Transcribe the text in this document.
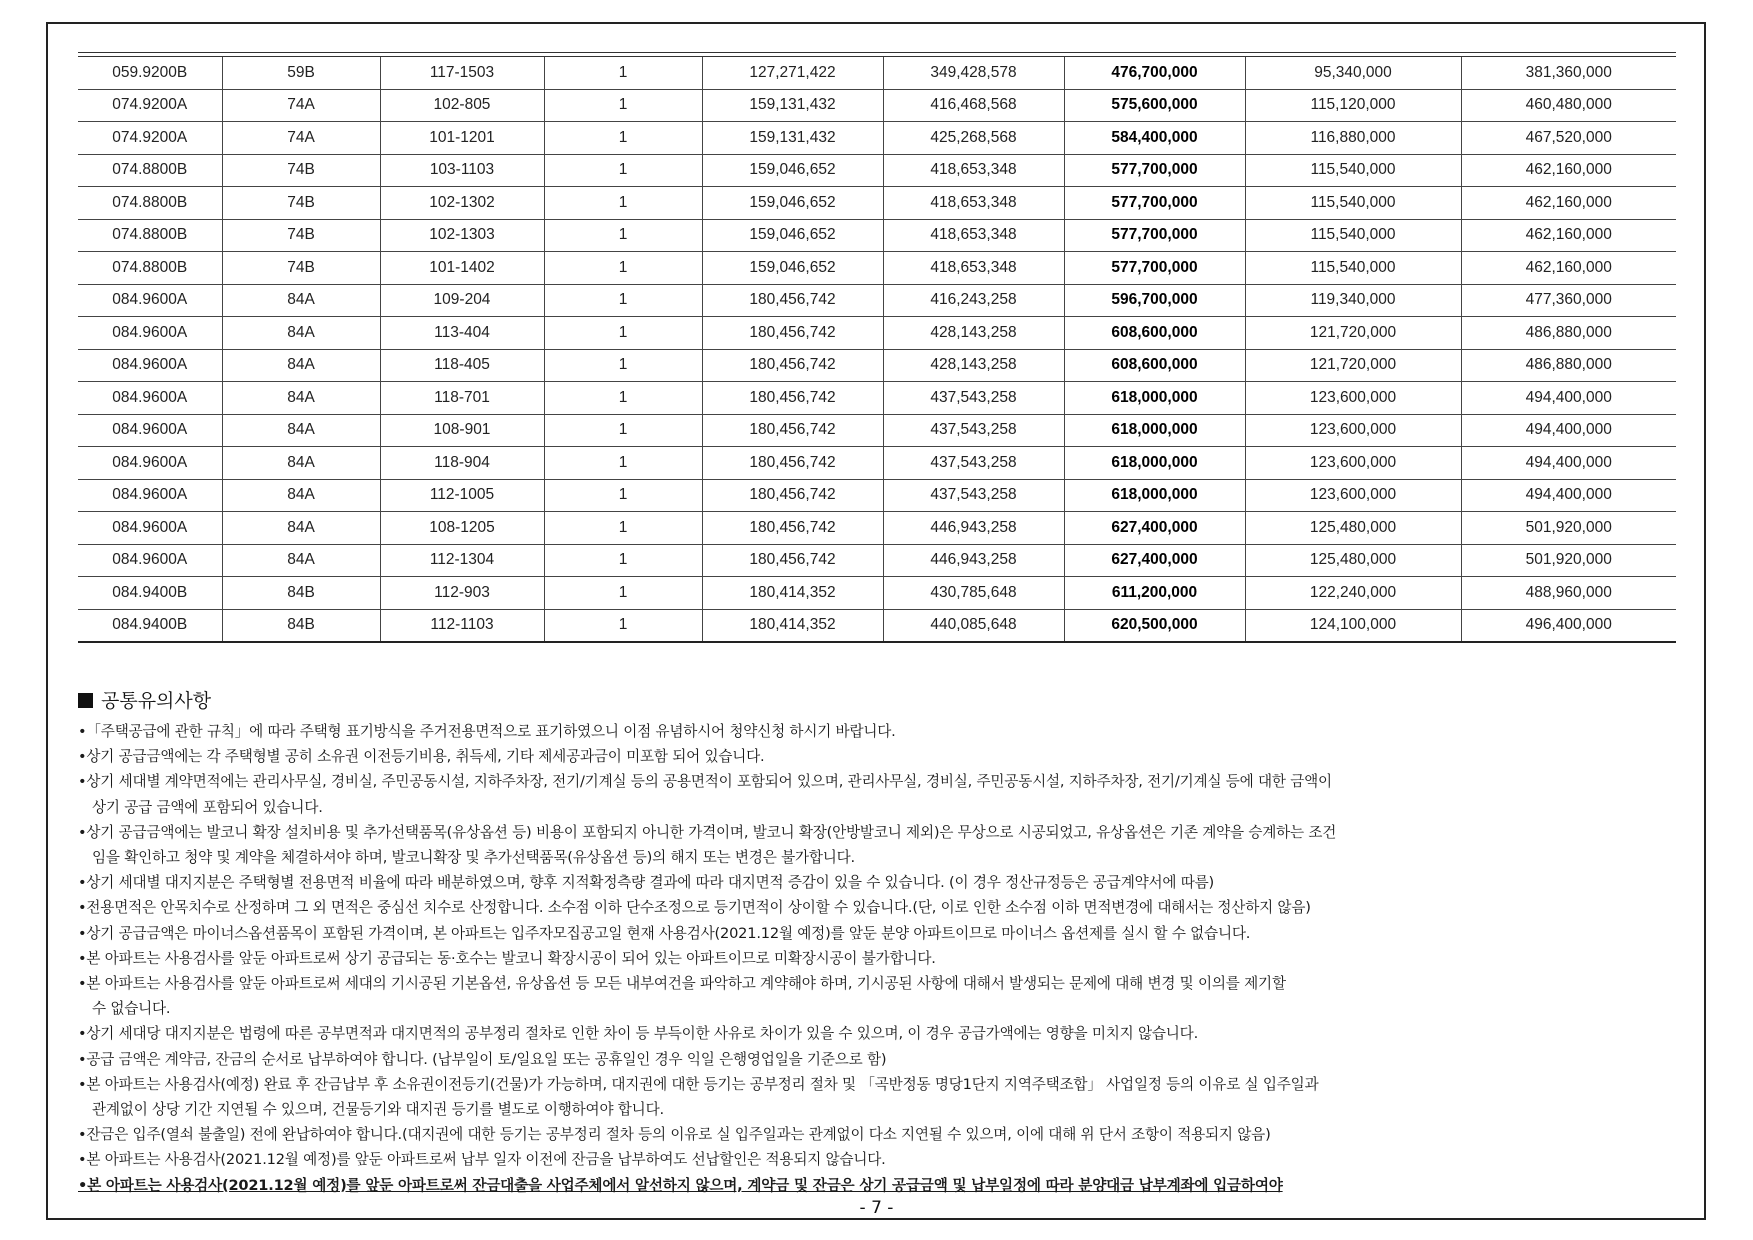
059.9200B	59B	117-1503	1	127,271,422	349,428,578	476,700,000	95,340,000	381,360,000
074.9200A	74A	102-805	1	159,131,432	416,468,568	575,600,000	115,120,000	460,480,000
074.9200A	74A	101-1201	1	159,131,432	425,268,568	584,400,000	116,880,000	467,520,000
074.8800B	74B	103-1103	1	159,046,652	418,653,348	577,700,000	115,540,000	462,160,000
074.8800B	74B	102-1302	1	159,046,652	418,653,348	577,700,000	115,540,000	462,160,000
074.8800B	74B	102-1303	1	159,046,652	418,653,348	577,700,000	115,540,000	462,160,000
074.8800B	74B	101-1402	1	159,046,652	418,653,348	577,700,000	115,540,000	462,160,000
084.9600A	84A	109-204	1	180,456,742	416,243,258	596,700,000	119,340,000	477,360,000
084.9600A	84A	113-404	1	180,456,742	428,143,258	608,600,000	121,720,000	486,880,000
084.9600A	84A	118-405	1	180,456,742	428,143,258	608,600,000	121,720,000	486,880,000
084.9600A	84A	118-701	1	180,456,742	437,543,258	618,000,000	123,600,000	494,400,000
084.9600A	84A	108-901	1	180,456,742	437,543,258	618,000,000	123,600,000	494,400,000
084.9600A	84A	118-904	1	180,456,742	437,543,258	618,000,000	123,600,000	494,400,000
084.9600A	84A	112-1005	1	180,456,742	437,543,258	618,000,000	123,600,000	494,400,000
084.9600A	84A	108-1205	1	180,456,742	446,943,258	627,400,000	125,480,000	501,920,000
084.9600A	84A	112-1304	1	180,456,742	446,943,258	627,400,000	125,480,000	501,920,000
084.9400B	84B	112-903	1	180,414,352	430,785,648	611,200,000	122,240,000	488,960,000
084.9400B	84B	112-1103	1	180,414,352	440,085,648	620,500,000	124,100,000	496,400,000
공통유의사항
•「주택공급에 관한 규칙」에 따라 주택형 표기방식을 주거전용면적으로 표기하였으니 이점 유념하시어 청약신청 하시기 바랍니다.
•상기 공급금액에는 각 주택형별 공히 소유권 이전등기비용, 취득세, 기타 제세공과금이 미포함 되어 있습니다.
•상기 세대별 계약면적에는 관리사무실, 경비실, 주민공동시설, 지하주차장, 전기/기계실 등의 공용면적이 포함되어 있으며, 관리사무실, 경비실, 주민공동시설, 지하주차장, 전기/기계실 등에 대한 금액이
상기 공급 금액에 포함되어 있습니다.
•상기 공급금액에는 발코니 확장 설치비용 및 추가선택품목(유상옵션 등) 비용이 포함되지 아니한 가격이며, 발코니 확장(안방발코니 제외)은 무상으로 시공되었고, 유상옵션은 기존 계약을 승계하는 조건
임을 확인하고 청약 및 계약을 체결하셔야 하며, 발코니확장 및 추가선택품목(유상옵션 등)의 해지 또는 변경은 불가합니다.
•상기 세대별 대지지분은 주택형별 전용면적 비율에 따라 배분하였으며, 향후 지적확정측량 결과에 따라 대지면적 증감이 있을 수 있습니다. (이 경우 정산규정등은 공급계약서에 따름)
•전용면적은 안목치수로 산정하며 그 외 면적은 중심선 치수로 산정합니다. 소수점 이하 단수조정으로 등기면적이 상이할 수 있습니다.(단, 이로 인한 소수점 이하 면적변경에 대해서는 정산하지 않음)
•상기 공급금액은 마이너스옵션품목이 포함된 가격이며, 본 아파트는 입주자모집공고일 현재 사용검사(2021.12월 예정)를 앞둔 분양 아파트이므로 마이너스 옵션제를 실시 할 수 없습니다.
•본 아파트는 사용검사를 앞둔 아파트로써 상기 공급되는 동·호수는 발코니 확장시공이 되어 있는 아파트이므로 미확장시공이 불가합니다.
•본 아파트는 사용검사를 앞둔 아파트로써 세대의 기시공된 기본옵션, 유상옵션 등 모든 내부여건을 파악하고 계약해야 하며, 기시공된 사항에 대해서 발생되는 문제에 대해 변경 및 이의를 제기할
수 없습니다.
•상기 세대당 대지지분은 법령에 따른 공부면적과 대지면적의 공부정리 절차로 인한 차이 등 부득이한 사유로 차이가 있을 수 있으며, 이 경우 공급가액에는 영향을 미치지 않습니다.
•공급 금액은 계약금, 잔금의 순서로 납부하여야 합니다. (납부일이 토/일요일 또는 공휴일인 경우 익일 은행영업일을 기준으로 함)
•본 아파트는 사용검사(예정) 완료 후 잔금납부 후 소유권이전등기(건물)가 가능하며, 대지권에 대한 등기는 공부정리 절차 및 「곡반정동 명당1단지 지역주택조합」 사업일정 등의 이유로 실 입주일과
관계없이 상당 기간 지연될 수 있으며, 건물등기와 대지권 등기를 별도로 이행하여야 합니다.
•잔금은 입주(열쇠 불출일) 전에 완납하여야 합니다.(대지권에 대한 등기는 공부정리 절차 등의 이유로 실 입주일과는 관계없이 다소 지연될 수 있으며, 이에 대해 위 단서 조항이 적용되지 않음)
•본 아파트는 사용검사(2021.12월 예정)를 앞둔 아파트로써 납부 일자 이전에 잔금을 납부하여도 선납할인은 적용되지 않습니다.
•본 아파트는 사용검사(2021.12월 예정)를 앞둔 아파트로써 잔금대출을 사업주체에서 알선하지 않으며, 계약금 및 잔금은 상기 공급금액 및 납부일정에 따라 분양대금 납부계좌에 입금하여야
- 7 -
